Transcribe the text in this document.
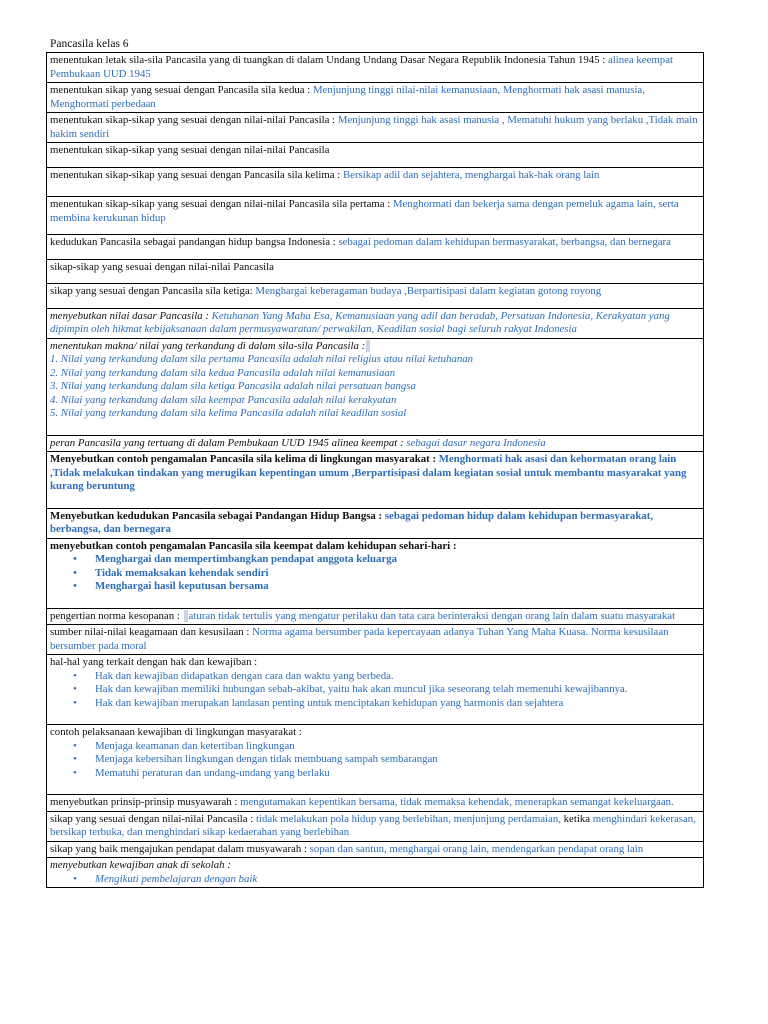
Pancasila kelas 6
menentukan letak sila-sila Pancasila yang di tuangkan di dalam Undang Undang Dasar Negara Republik Indonesia Tahun 1945 : alinea keempat Pembukaan UUD 1945
menentukan sikap yang sesuai dengan Pancasila sila kedua : Menjunjung tinggi nilai-nilai kemanusiaan, Menghormati hak asasi manusia, Menghormati perbedaan
menentukan sikap-sikap yang sesuai dengan nilai-nilai Pancasila : Menjunjung tinggi hak asasi manusia , Mematuhi hukum yang berlaku ,Tidak main hakim sendiri
menentukan sikap-sikap yang sesuai dengan nilai-nilai Pancasila

menentukan sikap-sikap yang sesuai dengan Pancasila sila kelima : Bersikap adil dan sejahtera, menghargai hak-hak orang lain

menentukan sikap-sikap yang sesuai dengan nilai-nilai Pancasila sila pertama : Menghormati dan bekerja sama dengan pemeluk agama lain, serta membina kerukunan hidup

kedudukan Pancasila sebagai pandangan hidup bangsa Indonesia : sebagai pedoman dalam kehidupan bermasyarakat, berbangsa, dan bernegara

sikap-sikap yang sesuai dengan nilai-nilai Pancasila

sikap yang sesuai dengan Pancasila sila ketiga: Menghargai keberagaman budaya ,Berpartisipasi dalam kegiatan gotong royong

menyebutkan nilai dasar Pancasila : Ketuhanan Yang Maha Esa, Kemanusiaan yang adil dan beradab, Persatuan Indonesia, Kerakyatan yang dipimpin oleh hikmat kebijaksanaan dalam permusyawaratan/ perwakilan, Keadilan sosial bagi seluruh rakyat Indonesia
menentukan makna/ nilai yang terkandung di dalam sila-sila Pancasila :
1. Nilai yang terkandung dalam sila pertama Pancasila adalah nilai religius atau nilai ketuhanan
2. Nilai yang terkandung dalam sila kedua Pancasila adalah nilai kemanusiaan
3. Nilai yang terkandung dalam sila ketiga Pancasila adalah nilai persatuan bangsa
4. Nilai yang terkandung dalam sila keempat Pancasila adalah nilai kerakyatan
5. Nilai yang terkandung dalam sila kelima Pancasila adalah nilai keadilan sosial

peran Pancasila yang tertuang di dalam Pembukaan UUD 1945 alinea keempat : sebagai dasar negara Indonesia
Menyebutkan contoh pengamalan Pancasila sila kelima di lingkungan masyarakat : Menghormati hak asasi dan kehormatan orang lain ,Tidak melakukan tindakan yang merugikan kepentingan umum ,Berpartisipasi dalam kegiatan sosial untuk membantu masyarakat yang kurang beruntung

Menyebutkan kedudukan Pancasila sebagai Pandangan Hidup Bangsa : sebagai pedoman hidup dalam kehidupan bermasyarakat, berbangsa, dan bernegara
menyebutkan contoh pengamalan Pancasila sila keempat dalam kehidupan sehari-hari :
• Menghargai dan mempertimbangkan pendapat anggota keluarga
• Tidak memaksakan kehendak sendiri
• Menghargai hasil keputusan bersama

pengertian norma kesopanan : aturan tidak tertulis yang mengatur perilaku dan tata cara berinteraksi dengan orang lain dalam suatu masyarakat
sumber nilai-nilai keagamaan dan kesusilaan : Norma agama bersumber pada kepercayaan adanya Tuhan Yang Maha Kuasa. Norma kesusilaan bersumber pada moral
hal-hal yang terkait dengan hak dan kewajiban :
• Hak dan kewajiban didapatkan dengan cara dan waktu yang berbeda.
• Hak dan kewajiban memiliki hubungan sebab-akibat, yaitu hak akan muncul jika seseorang telah memenuhi kewajibannya.
• Hak dan kewajiban merupakan landasan penting untuk menciptakan kehidupan yang harmonis dan sejahtera

contoh pelaksanaan kewajiban di lingkungan masyarakat :
• Menjaga keamanan dan ketertiban lingkungan
• Menjaga kebersihan lingkungan dengan tidak membuang sampah sembarangan
• Mematuhi peraturan dan undang-undang yang berlaku

menyebutkan prinsip-prinsip musyawarah : mengutamakan kepentikan bersama, tidak memaksa kehendak, menerapkan semangat kekeluargaan.
sikap yang sesuai dengan nilai-nilai Pancasila : tidak melakukan pola hidup yang berlebihan, menjunjung perdamaian, ketika menghindari kekerasan, bersikap terbuka, dan menghindari sikap kedaerahan yang berlebihan
sikap yang baik mengajukan pendapat dalam musyawarah : sopan dan santun, menghargai orang lain, mendengarkan pendapat orang lain
menyebutkan kewajiban anak di sekolah :
• Mengikuti pembelajaran dengan baik
